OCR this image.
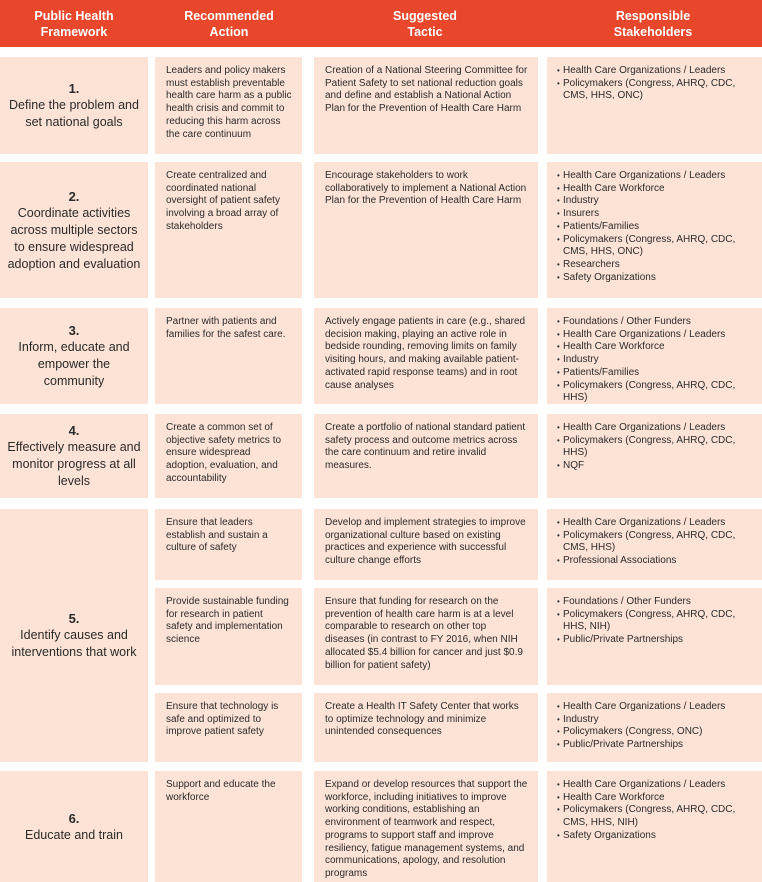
Public Health Framework
Recommended
Action
Suggested
Tactic
Responsible
Stakeholders
1.
Define the problem and set national goals
Leaders and policy makers must establish preventable health care harm as a public health crisis and commit to reducing this harm across the care continuum
Creation of a National Steering Committee for Patient Safety to set national reduction goals and define and establish a National Action Plan for the Prevention of Health Care Harm
• Health Care Organizations / Leaders
• Policymakers (Congress, AHRQ, CDC, CMS, HHS, ONC)
2.
Coordinate activities across multiple sectors to ensure widespread adoption and evaluation
Create centralized and coordinated national oversight of patient safety involving a broad array of stakeholders
Encourage stakeholders to work collaboratively to implement a National Action Plan for the Prevention of Health Care Harm
• Health Care Organizations / Leaders
• Health Care Workforce
• Industry
• Insurers
• Patients/Families
• Policymakers (Congress, AHRQ, CDC, CMS, HHS, ONC)
• Researchers
• Safety Organizations
3.
Inform, educate and empower the community
Partner with patients and families for the safest care.
Actively engage patients in care (e.g., shared decision making, playing an active role in bedside rounding, removing limits on family visiting hours, and making available patient-activated rapid response teams) and in root cause analyses
• Foundations / Other Funders
• Health Care Organizations / Leaders
• Health Care Workforce
• Industry
• Patients/Families
• Policymakers (Congress, AHRQ, CDC, HHS)
4.
Effectively measure and monitor progress at all levels
Create a common set of objective safety metrics to ensure widespread adoption, evaluation, and accountability
Create a portfolio of national standard patient safety process and outcome metrics across the care continuum and retire invalid measures.
• Health Care Organizations / Leaders
• Policymakers (Congress, AHRQ, CDC, HHS)
• NQF
5.
Identify causes and interventions that work
Ensure that leaders establish and sustain a culture of safety
Develop and implement strategies to improve organizational culture based on existing practices and experience with successful culture change efforts
• Health Care Organizations / Leaders
• Policymakers (Congress, AHRQ, CDC, CMS, HHS)
• Professional Associations
Provide sustainable funding for research in patient safety and implementation science
Ensure that funding for research on the prevention of health care harm is at a level comparable to research on other top diseases (in contrast to FY 2016, when NIH allocated $5.4 billion for cancer and just $0.9 billion for patient safety)
• Foundations / Other Funders
• Policymakers (Congress, AHRQ, CDC, HHS, NIH)
• Public/Private Partnerships
Ensure that technology is safe and optimized to improve patient safety
Create a Health IT Safety Center that works to optimize technology and minimize unintended consequences
• Health Care Organizations / Leaders
• Industry
• Policymakers (Congress, ONC)
• Public/Private Partnerships
6.
Educate and train
Support and educate the workforce
Expand or develop resources that support the workforce, including initiatives to improve working conditions, establishing an environment of teamwork and respect, programs to support staff and improve resiliency, fatigue management systems, and communications, apology, and resolution programs
• Health Care Organizations / Leaders
• Health Care Workforce
• Policymakers (Congress, AHRQ, CDC, CMS, HHS, NIH)
• Safety Organizations
